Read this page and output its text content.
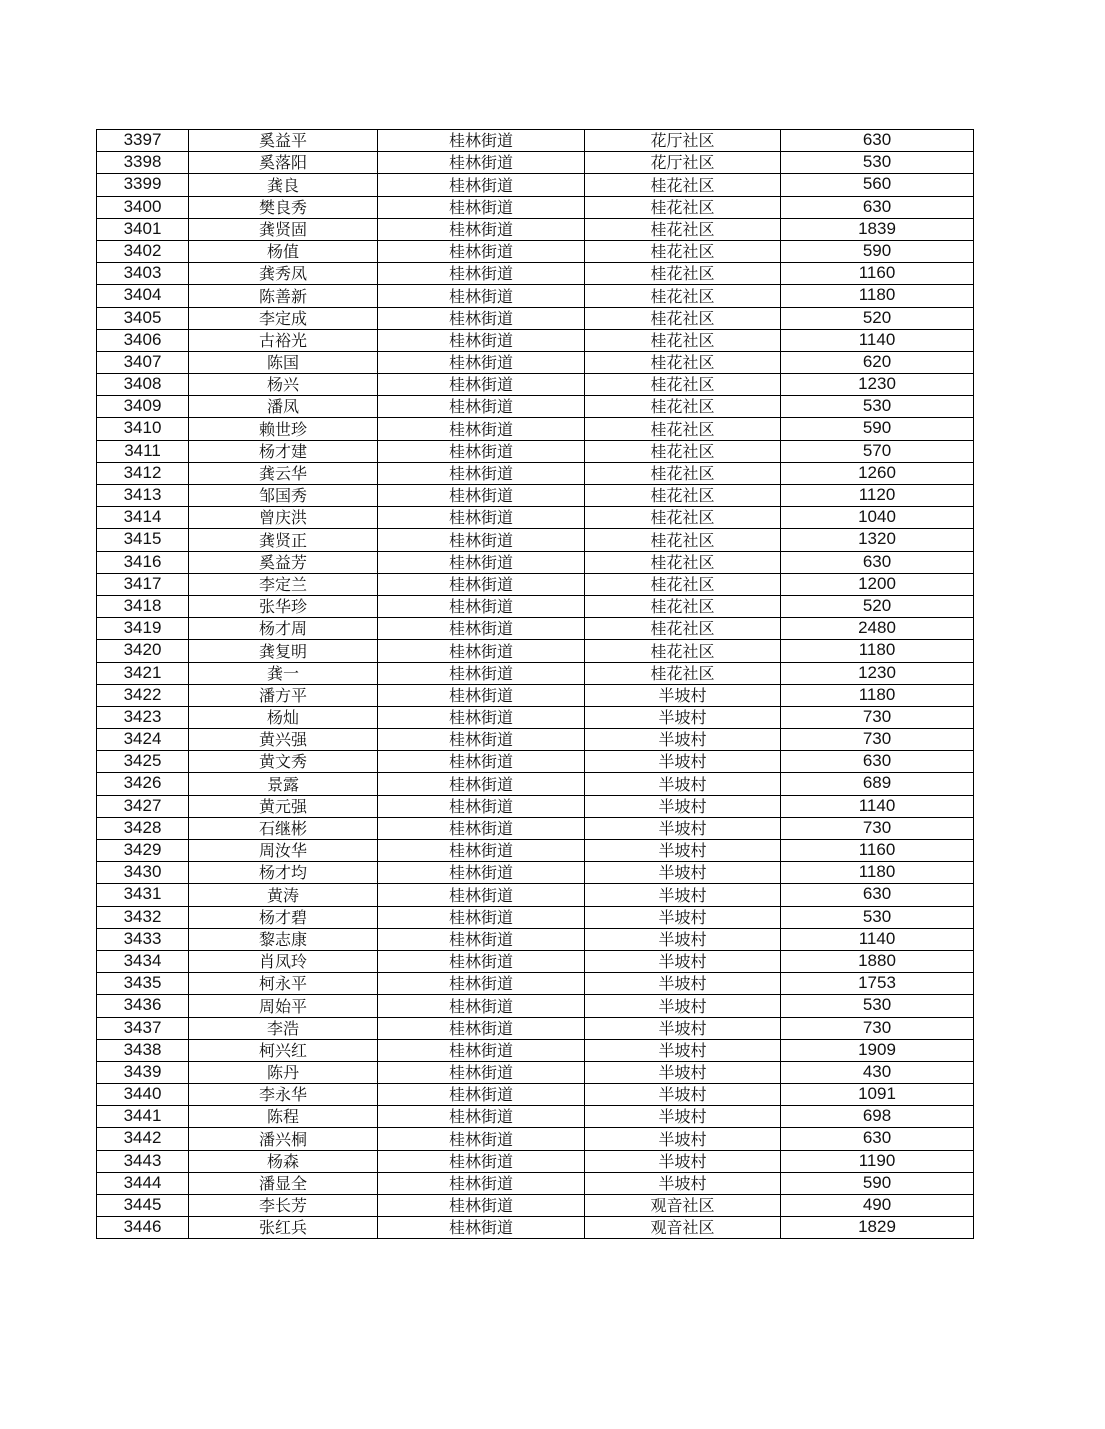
3397	奚益平	桂林街道	花厅社区	630
3398	奚落阳	桂林街道	花厅社区	530
3399	龚良	桂林街道	桂花社区	560
3400	樊良秀	桂林街道	桂花社区	630
3401	龚贤固	桂林街道	桂花社区	1839
3402	杨值	桂林街道	桂花社区	590
3403	龚秀凤	桂林街道	桂花社区	1160
3404	陈善新	桂林街道	桂花社区	1180
3405	李定成	桂林街道	桂花社区	520
3406	古裕光	桂林街道	桂花社区	1140
3407	陈国	桂林街道	桂花社区	620
3408	杨兴	桂林街道	桂花社区	1230
3409	潘凤	桂林街道	桂花社区	530
3410	赖世珍	桂林街道	桂花社区	590
3411	杨才建	桂林街道	桂花社区	570
3412	龚云华	桂林街道	桂花社区	1260
3413	邹国秀	桂林街道	桂花社区	1120
3414	曾庆洪	桂林街道	桂花社区	1040
3415	龚贤正	桂林街道	桂花社区	1320
3416	奚益芳	桂林街道	桂花社区	630
3417	李定兰	桂林街道	桂花社区	1200
3418	张华珍	桂林街道	桂花社区	520
3419	杨才周	桂林街道	桂花社区	2480
3420	龚复明	桂林街道	桂花社区	1180
3421	龚一	桂林街道	桂花社区	1230
3422	潘方平	桂林街道	半坡村	1180
3423	杨灿	桂林街道	半坡村	730
3424	黄兴强	桂林街道	半坡村	730
3425	黄文秀	桂林街道	半坡村	630
3426	景露	桂林街道	半坡村	689
3427	黄元强	桂林街道	半坡村	1140
3428	石继彬	桂林街道	半坡村	730
3429	周汝华	桂林街道	半坡村	1160
3430	杨才均	桂林街道	半坡村	1180
3431	黄涛	桂林街道	半坡村	630
3432	杨才碧	桂林街道	半坡村	530
3433	黎志康	桂林街道	半坡村	1140
3434	肖凤玲	桂林街道	半坡村	1880
3435	柯永平	桂林街道	半坡村	1753
3436	周始平	桂林街道	半坡村	530
3437	李浩	桂林街道	半坡村	730
3438	柯兴红	桂林街道	半坡村	1909
3439	陈丹	桂林街道	半坡村	430
3440	李永华	桂林街道	半坡村	1091
3441	陈程	桂林街道	半坡村	698
3442	潘兴桐	桂林街道	半坡村	630
3443	杨森	桂林街道	半坡村	1190
3444	潘显全	桂林街道	半坡村	590
3445	李长芳	桂林街道	观音社区	490
3446	张红兵	桂林街道	观音社区	1829
